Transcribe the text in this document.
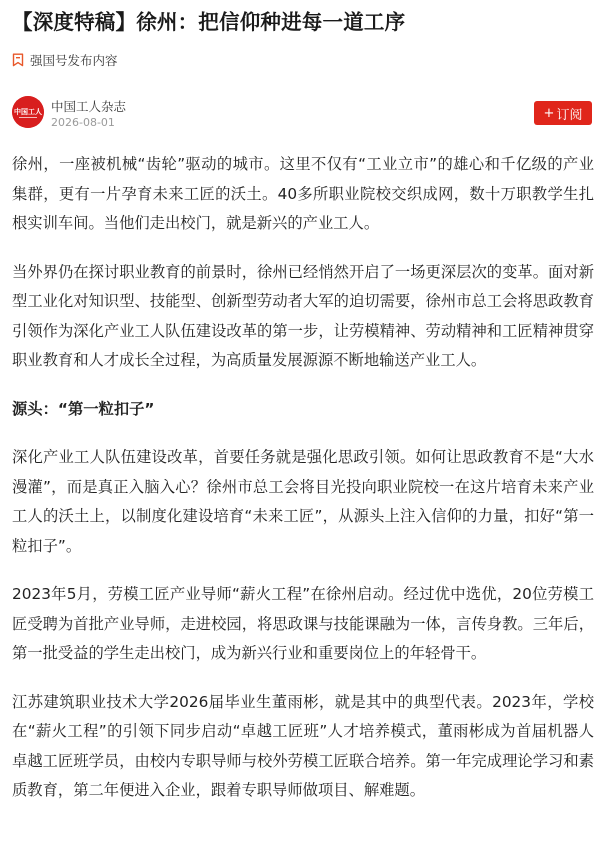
【深度特稿】徐州：把信仰种进每一道工序
强国号发布内容
中国工人 中国工人杂志
2026-08-01
+ 订阅

徐州，一座被机械“齿轮”驱动的城市。这里不仅有“工业立市”的雄心和千亿级的产业集群，更有一片孕育未来工匠的沃土。40多所职业院校交织成网，数十万职教学生扎根实训车间。当他们走出校门，就是新兴的产业工人。

当外界仍在探讨职业教育的前景时，徐州已经悄然开启了一场更深层次的变革。面对新型工业化对知识型、技能型、创新型劳动者大军的迫切需要，徐州市总工会将思政教育引领作为深化产业工人队伍建设改革的第一步，让劳模精神、劳动精神和工匠精神贯穿职业教育和人才成长全过程，为高质量发展源源不断地输送产业工人。

源头：“第一粒扣子”

深化产业工人队伍建设改革，首要任务就是强化思政引领。如何让思政教育不是“大水漫灌”，而是真正入脑入心？徐州市总工会将目光投向职业院校一在这片培育未来产业工人的沃土上，以制度化建设培育“未来工匠”，从源头上注入信仰的力量，扣好“第一粒扣子”。

2023年5月，劳模工匠产业导师“薪火工程”在徐州启动。经过优中选优，20位劳模工匠受聘为首批产业导师，走进校园，将思政课与技能课融为一体，言传身教。三年后，第一批受益的学生走出校门，成为新兴行业和重要岗位上的年轻骨干。

江苏建筑职业技术大学2026届毕业生董雨彬，就是其中的典型代表。2023年，学校在“薪火工程”的引领下同步启动“卓越工匠班”人才培养模式，董雨彬成为首届机器人卓越工匠班学员，由校内专职导师与校外劳模工匠联合培养。第一年完成理论学习和素质教育，第二年便进入企业，跟着专职导师做项目、解难题。
